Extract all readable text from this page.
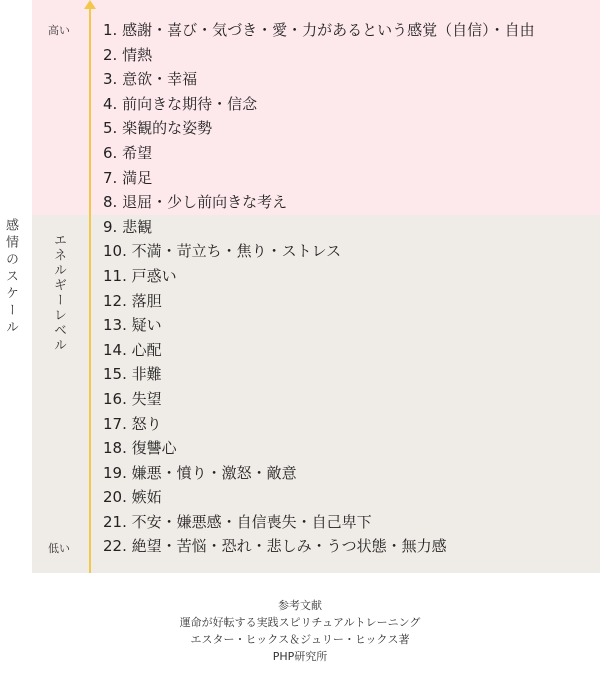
感情のスケール
高い
エネルギーレベル
低い
1. 感謝・喜び・気づき・愛・力があるという感覚（自信）・自由
2. 情熱
3. 意欲・幸福
4. 前向きな期待・信念
5. 楽観的な姿勢
6. 希望
7. 満足
8. 退屈・少し前向きな考え
9. 悲観
10. 不満・苛立ち・焦り・ストレス
11. 戸惑い
12. 落胆
13. 疑い
14. 心配
15. 非難
16. 失望
17. 怒り
18. 復讐心
19. 嫌悪・憤り・激怒・敵意
20. 嫉妬
21. 不安・嫌悪感・自信喪失・自己卑下
22. 絶望・苦悩・恐れ・悲しみ・うつ状態・無力感
参考文献
運命が好転する実践スピリチュアルトレーニング
エスター・ヒックス＆ジュリー・ヒックス著
PHP研究所
